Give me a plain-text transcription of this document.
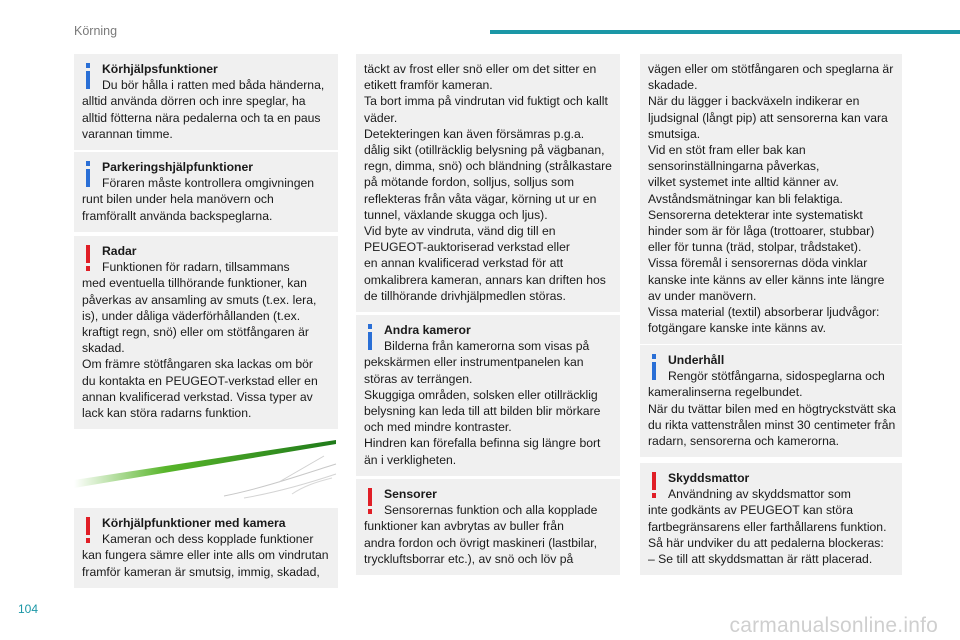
Körning
Körhjälpsfunktioner
Du bör hålla i ratten med båda händerna,
alltid använda dörren och inre speglar, ha
alltid fötterna nära pedalerna och ta en paus
varannan timme.
Parkeringshjälpfunktioner
Föraren måste kontrollera omgivningen
runt bilen under hela manövern och
framförallt använda backspeglarna.
Radar
Funktionen för radarn, tillsammans
med eventuella tillhörande funktioner, kan
påverkas av ansamling av smuts (t.ex. lera,
is), under dåliga väderförhållanden (t.ex.
kraftigt regn, snö) eller om stötfångaren är
skadad.
Om främre stötfångaren ska lackas om bör
du kontakta en PEUGEOT-verkstad eller en
annan kvalificerad verkstad. Vissa typer av
lack kan störa radarns funktion.
Körhjälpfunktioner med kamera
Kameran och dess kopplade funktioner
kan fungera sämre eller inte alls om vindrutan
framför kameran är smutsig, immig, skadad,
täckt av frost eller snö eller om det sitter en
etikett framför kameran.
Ta bort imma på vindrutan vid fuktigt och kallt
väder.
Detekteringen kan även försämras p.g.a.
dålig sikt (otillräcklig belysning på vägbanan,
regn, dimma, snö) och bländning (strålkastare
på mötande fordon, solljus, solljus som
reflekteras från våta vägar, körning ut ur en
tunnel, växlande skugga och ljus).
Vid byte av vindruta, vänd dig till en
PEUGEOT-auktoriserad verkstad eller
en annan kvalificerad verkstad för att
omkalibrera kameran, annars kan driften hos
de tillhörande drivhjälpmedlen störas.
Andra kameror
Bilderna från kamerorna som visas på
pekskärmen eller instrumentpanelen kan
störas av terrängen.
Skuggiga områden, solsken eller otillräcklig
belysning kan leda till att bilden blir mörkare
och med mindre kontraster.
Hindren kan förefalla befinna sig längre bort
än i verkligheten.
Sensorer
Sensorernas funktion och alla kopplade
funktioner kan avbrytas av buller från
andra fordon och övrigt maskineri (lastbilar,
tryckluftsborrar etc.), av snö och löv på
vägen eller om stötfångaren och speglarna är
skadade.
När du lägger i backväxeln indikerar en
ljudsignal (långt pip) att sensorerna kan vara
smutsiga.
Vid en stöt fram eller bak kan
sensorinställningarna påverkas,
vilket systemet inte alltid känner av.
Avståndsmätningar kan bli felaktiga.
Sensorerna detekterar inte systematiskt
hinder som är för låga (trottoarer, stubbar)
eller för tunna (träd, stolpar, trådstaket).
Vissa föremål i sensorernas döda vinklar
kanske inte känns av eller känns inte längre
av under manövern.
Vissa material (textil) absorberar ljudvågor:
fotgängare kanske inte känns av.
Underhåll
Rengör stötfångarna, sidospeglarna och
kameralinserna regelbundet.
När du tvättar bilen med en högtryckstvätt ska
du rikta vattenstrålen minst 30 centimeter från
radarn, sensorerna och kamerorna.
Skyddsmattor
Användning av skyddsmattor som
inte godkänts av PEUGEOT kan störa
fartbegränsarens eller farthållarens funktion.
Så här undviker du att pedalerna blockeras:
– Se till att skyddsmattan är rätt placerad.
104
carmanualsonline.info
